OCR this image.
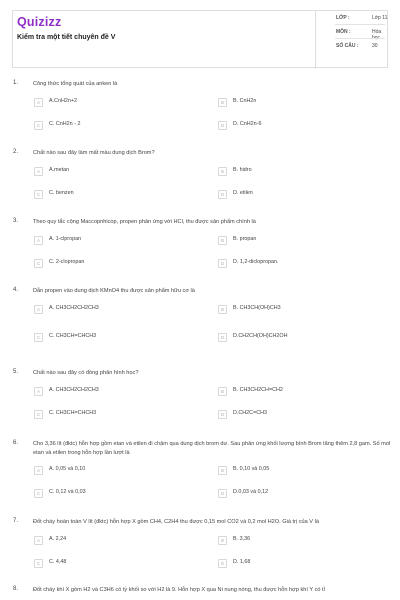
Quizizz
Kiểm tra một tiết chuyên đề V
LỚP :	Lớp 11
MÔN :	Hóa học
SỐ CÂU :	30
1.	Công thức tổng quát của anken là
A	A.CnH2n+2	B	B. CnH2n
C	C. CnH2n - 2	D	D. CnH2n-6
2.	Chất nào sau đây làm mất màu dung dịch Brom?
A	A.metan	B	B. hidro
C	C. benzen	D	D. etilen
3.	Theo quy tắc cộng Maccopnhicop, propen phản ứng với HCl, thu được sản phẩm chính là
A	A. 1-clpropan	B	B. propan
C	C. 2-clopropan	D	D. 1,2-diclopropan.
4.	Dẫn propen vào dung dịch KMnO4 thu được sản phẩm hữu cơ là
A	A. CH3CH2CH2CH3	B	B. CH3CH(OH)CH3
C	C. CH3CH=CHCH3	D	D.CH2CH(OH)CH2OH
5.	Chất nào sau đây có đồng phân hình học?
A	A. CH3CH2CH2CH3	B	B. CH3CH2CH=CH2
C	C. CH3CH=CHCH3	D	D.CH2C=CH3
6.	Cho 3,36 lít (đktc) hỗn hợp gồm etan và etilen đi chậm qua dung dịch brom dư. Sau phản ứng khối lượng bình Brom tăng thêm 2,8 gam. Số mol etan và etilen trong hỗn hợp lần lượt là
A	A. 0,05 và 0,10	B	B. 0,10 và 0,05
C	C. 0,12 và 0,03	D	D.0,03 và 0,12
7.	Đốt cháy hoàn toàn V lít (đktc) hỗn hợp X gồm CH4, C2H4 thu được 0,15 mol CO2 và 0,2 mol H2O. Giá trị của V là
A	A. 2,24	B	B. 3,36
C	C. 4,48	D	D. 1,68
8.	Đốt cháy khí X gồm H2 và C3H6 có tỷ khối so với H2 là 9. Hỗn hợp X qua Ni nung nóng, thu được hỗn hợp khí Y có tỉ
